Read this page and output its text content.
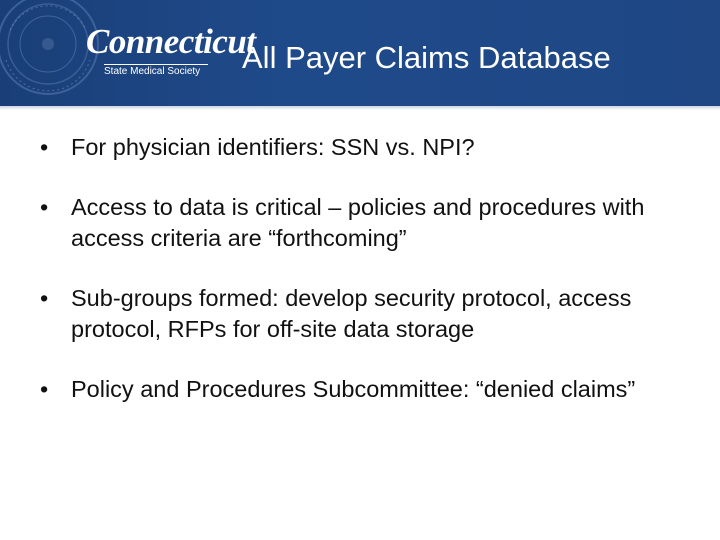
Connecticut
State Medical Society All Payer Claims Database
• For physician identifiers: SSN vs. NPI?
• Access to data is critical – policies and procedures with access criteria are “forthcoming”
• Sub-groups formed: develop security protocol, access protocol, RFPs for off-site data storage
• Policy and Procedures Subcommittee: “denied claims”
